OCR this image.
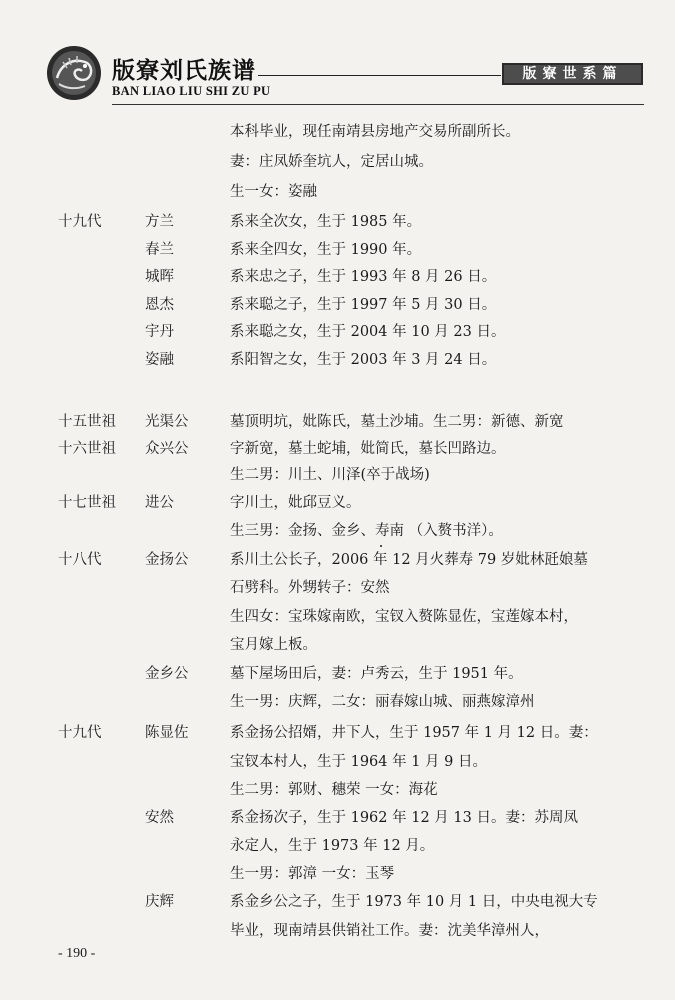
版寮刘氏族谱
BAN LIAO LIU SHI ZU PU
版寮世系篇
本科毕业，现任南靖县房地产交易所副所长。
妻：庄凤娇奎坑人，定居山城。
生一女：姿融
十九代	方兰	系来全次女，生于 1985 年。
春兰	系来全四女，生于 1990 年。
城晖	系来忠之子，生于 1993 年 8 月 26 日。
恩杰	系来聪之子，生于 1997 年 5 月 30 日。
宇丹	系来聪之女，生于 2004 年 10 月 23 日。
姿融	系阳智之女，生于 2003 年 3 月 24 日。
十五世祖 光渠公	墓顶明坑，妣陈氏，墓土沙埔。生二男：新德、新宽
十六世祖 众兴公	字新宽，墓土蛇埔，妣简氏，墓长凹路边。
生二男：川土、川泽(卒于战场)
十七世祖 进公	字川土，妣邱豆义。
生三男：金扬、金乡、寿南 （入赘书洋）。
十八代	金扬公	系川土公长子，2006 年 12 月火葬寿 79 岁妣林瓩娘墓
石劈科。外甥转子：安然
生四女：宝珠嫁南欧，宝钗入赘陈显佐，宝莲嫁本村，
宝月嫁上板。
金乡公	墓下屋场田后，妻：卢秀云，生于 1951 年。
生一男：庆辉，二女：丽春嫁山城、丽燕嫁漳州
十九代	陈显佐	系金扬公招婿，井下人，生于 1957 年 1 月 12 日。妻：
宝钗本村人，生于 1964 年 1 月 9 日。
生二男：郭财、穗荣 一女：海花
安然	系金扬次子，生于 1962 年 12 月 13 日。妻：苏周凤
永定人，生于 1973 年 12 月。
生一男：郭漳 一女：玉琴
庆辉	系金乡公之子，生于 1973 年 10 月 1 日，中央电视大专
毕业，现南靖县供销社工作。妻：沈美华漳州人，
- 190 -
